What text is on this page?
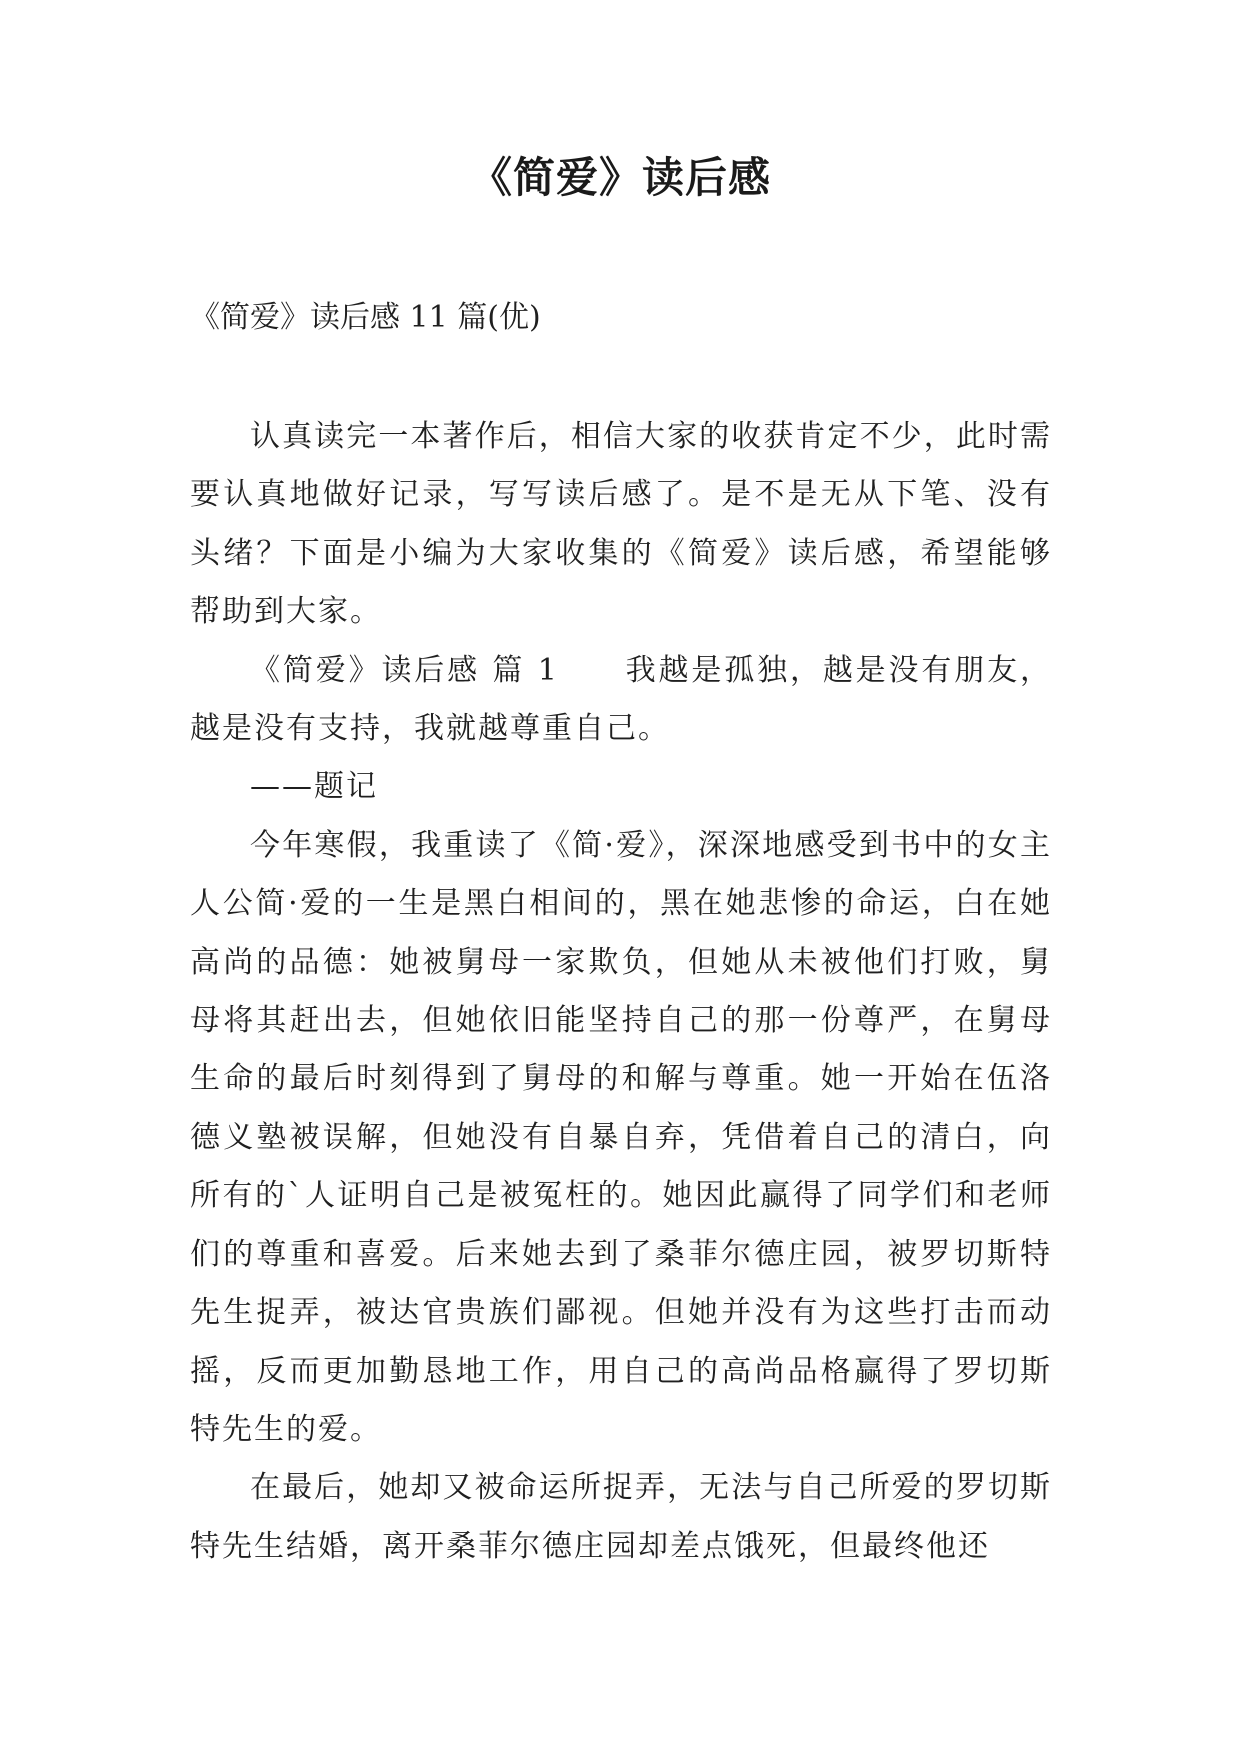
《简爱》读后感

《简爱》读后感 11 篇(优)

认真读完一本著作后，相信大家的收获肯定不少，此时需要认真地做好记录，写写读后感了。是不是无从下笔、没有头绪？下面是小编为大家收集的《简爱》读后感，希望能够帮助到大家。

《简爱》读后感 篇 1 我越是孤独，越是没有朋友，越是没有支持，我就越尊重自己。

——题记

今年寒假，我重读了《简·爱》，深深地感受到书中的女主人公简·爱的一生是黑白相间的，黑在她悲惨的命运，白在她高尚的品德：她被舅母一家欺负，但她从未被他们打败，舅母将其赶出去，但她依旧能坚持自己的那一份尊严，在舅母生命的最后时刻得到了舅母的和解与尊重。她一开始在伍洛德义塾被误解，但她没有自暴自弃，凭借着自己的清白，向所有的`人证明自己是被冤枉的。她因此赢得了同学们和老师们的尊重和喜爱。后来她去到了桑菲尔德庄园，被罗切斯特先生捉弄，被达官贵族们鄙视。但她并没有为这些打击而动摇，反而更加勤恳地工作，用自己的高尚品格赢得了罗切斯特先生的爱。

在最后，她却又被命运所捉弄，无法与自己所爱的罗切斯特先生结婚，离开桑菲尔德庄园却差点饿死，但最终他还
